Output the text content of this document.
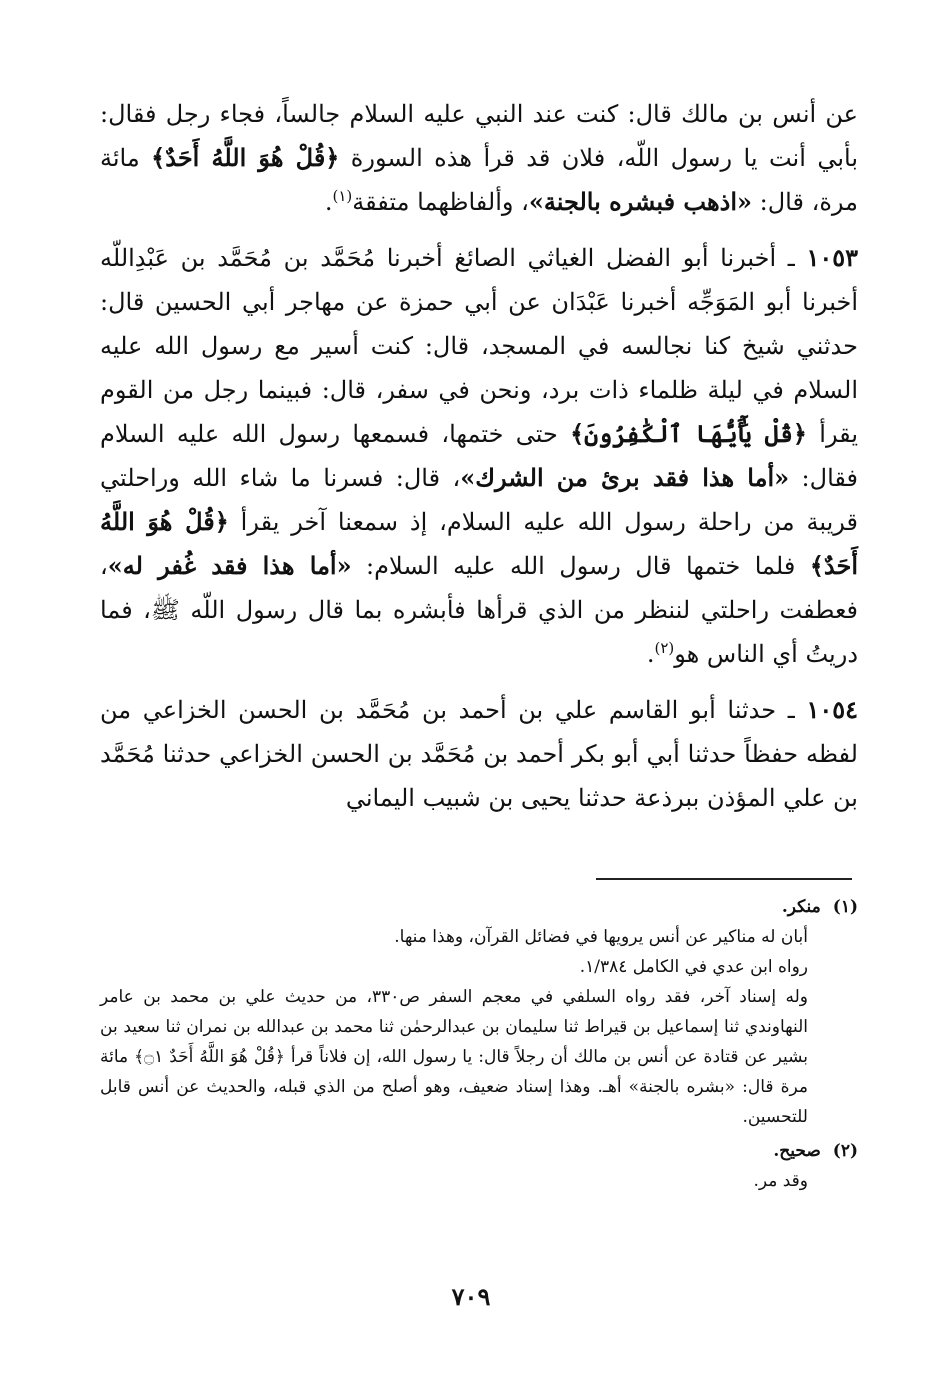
عن أنس بن مالك قال: كنت عند النبي عليه السلام جالساً، فجاء رجل فقال: بأبي أنت يا رسول اللّه، فلان قد قرأ هذه السورة ﴿قُلْ هُوَ اللَّهُ أَحَدٌ﴾ مائة مرة، قال: «اذهب فبشره بالجنة»، وألفاظهما متفقة$^{(١)}$.

١٠٥٣ ـ أخبرنا أبو الفضل الغياثي الصائغ أخبرنا مُحَمَّد بن مُحَمَّد بن عَبْدِاللّه أخبرنا أبو المَوَجِّه أخبرنا عَبْدَان عن أبي حمزة عن مهاجر أبي الحسين قال: حدثني شيخ كنا نجالسه في المسجد، قال: كنت أسير مع رسول الله عليه السلام في ليلة ظلماء ذات برد، ونحن في سفر، قال: فبينما رجل من القوم يقرأ ﴿قُلْ يَٰٓأَيُّهَا ٱلْكَٰفِرُونَ﴾ حتى ختمها، فسمعها رسول الله عليه السلام فقال: «أما هذا فقد برئ من الشرك»، قال: فسرنا ما شاء الله وراحلتي قريبة من راحلة رسول الله عليه السلام، إذ سمعنا آخر يقرأ ﴿قُلْ هُوَ اللَّهُ أَحَدٌ﴾ فلما ختمها قال رسول الله عليه السلام: «أما هذا فقد غُفر له»، فعطفت راحلتي لننظر من الذي قرأها فأبشره بما قال رسول اللّه ﷺ، فما دريتُ أي الناس هو$^{(٢)}$.

١٠٥٤ ـ حدثنا أبو القاسم علي بن أحمد بن مُحَمَّد بن الحسن الخزاعي من لفظه حفظاً حدثنا أبي أبو بكر أحمد بن مُحَمَّد بن الحسن الخزاعي حدثنا مُحَمَّد بن علي المؤذن ببرذعة حدثنا يحيى بن شبيب اليماني

(١)
منكر.
أبان له مناكير عن أنس يرويها في فضائل القرآن، وهذا منها.
رواه ابن عدي في الكامل ١/٣٨٤.
وله إسناد آخر، فقد رواه السلفي في معجم السفر ص٣٣٠، من حديث علي بن محمد بن عامر النهاوندي ثنا إسماعيل بن قيراط ثنا سليمان بن عبدالرحمٰن ثنا محمد بن عبدالله بن نمران ثنا سعيد بن بشير عن قتادة عن أنس بن مالك أن رجلاً قال: يا رسول الله، إن فلاناً قرأ ﴿قُلْ هُوَ اللَّهُ أَحَدٌ ۝١﴾ مائة مرة قال: «بشره بالجنة» أهـ. وهذا إسناد ضعيف، وهو أصلح من الذي قبله، والحديث عن أنس قابل للتحسين.
(٢)
صحيح.
وقد مر.
٧٠٩
